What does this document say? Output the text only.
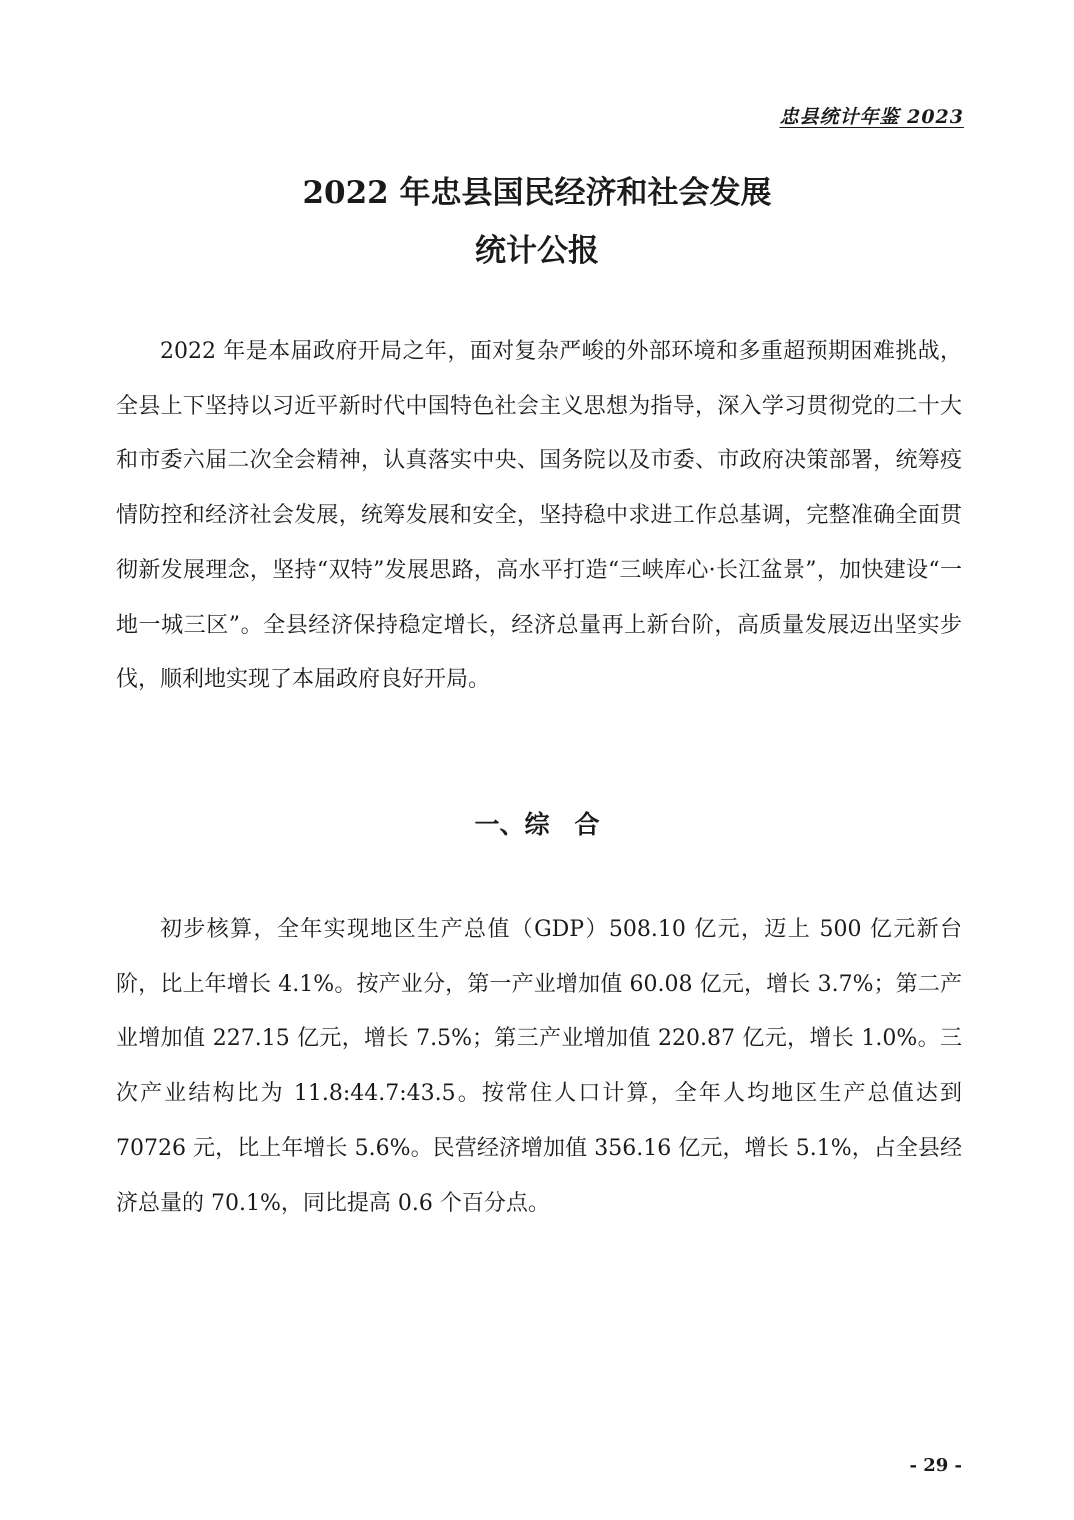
忠县统计年鉴 2023
2022 年忠县国民经济和社会发展
统计公报

2022 年是本届政府开局之年，面对复杂严峻的外部环境和多重超预期困难挑战，全县上下坚持以习近平新时代中国特色社会主义思想为指导，深入学习贯彻党的二十大和市委六届二次全会精神，认真落实中央、国务院以及市委、市政府决策部署，统筹疫情防控和经济社会发展，统筹发展和安全，坚持稳中求进工作总基调，完整准确全面贯彻新发展理念，坚持“双特”发展思路，高水平打造“三峡库心·长江盆景”，加快建设“一地一城三区”。全县经济保持稳定增长，经济总量再上新台阶，高质量发展迈出坚实步伐，顺利地实现了本届政府良好开局。

一、综　合

初步核算，全年实现地区生产总值（GDP）508.10 亿元，迈上 500 亿元新台阶，比上年增长 4.1%。按产业分，第一产业增加值 60.08 亿元，增长 3.7%；第二产业增加值 227.15 亿元，增长 7.5%；第三产业增加值 220.87 亿元，增长 1.0%。三次产业结构比为 11.8:44.7:43.5。按常住人口计算，全年人均地区生产总值达到 70726 元，比上年增长 5.6%。民营经济增加值 356.16 亿元，增长 5.1%，占全县经济总量的 70.1%，同比提高 0.6 个百分点。

- 29 -
